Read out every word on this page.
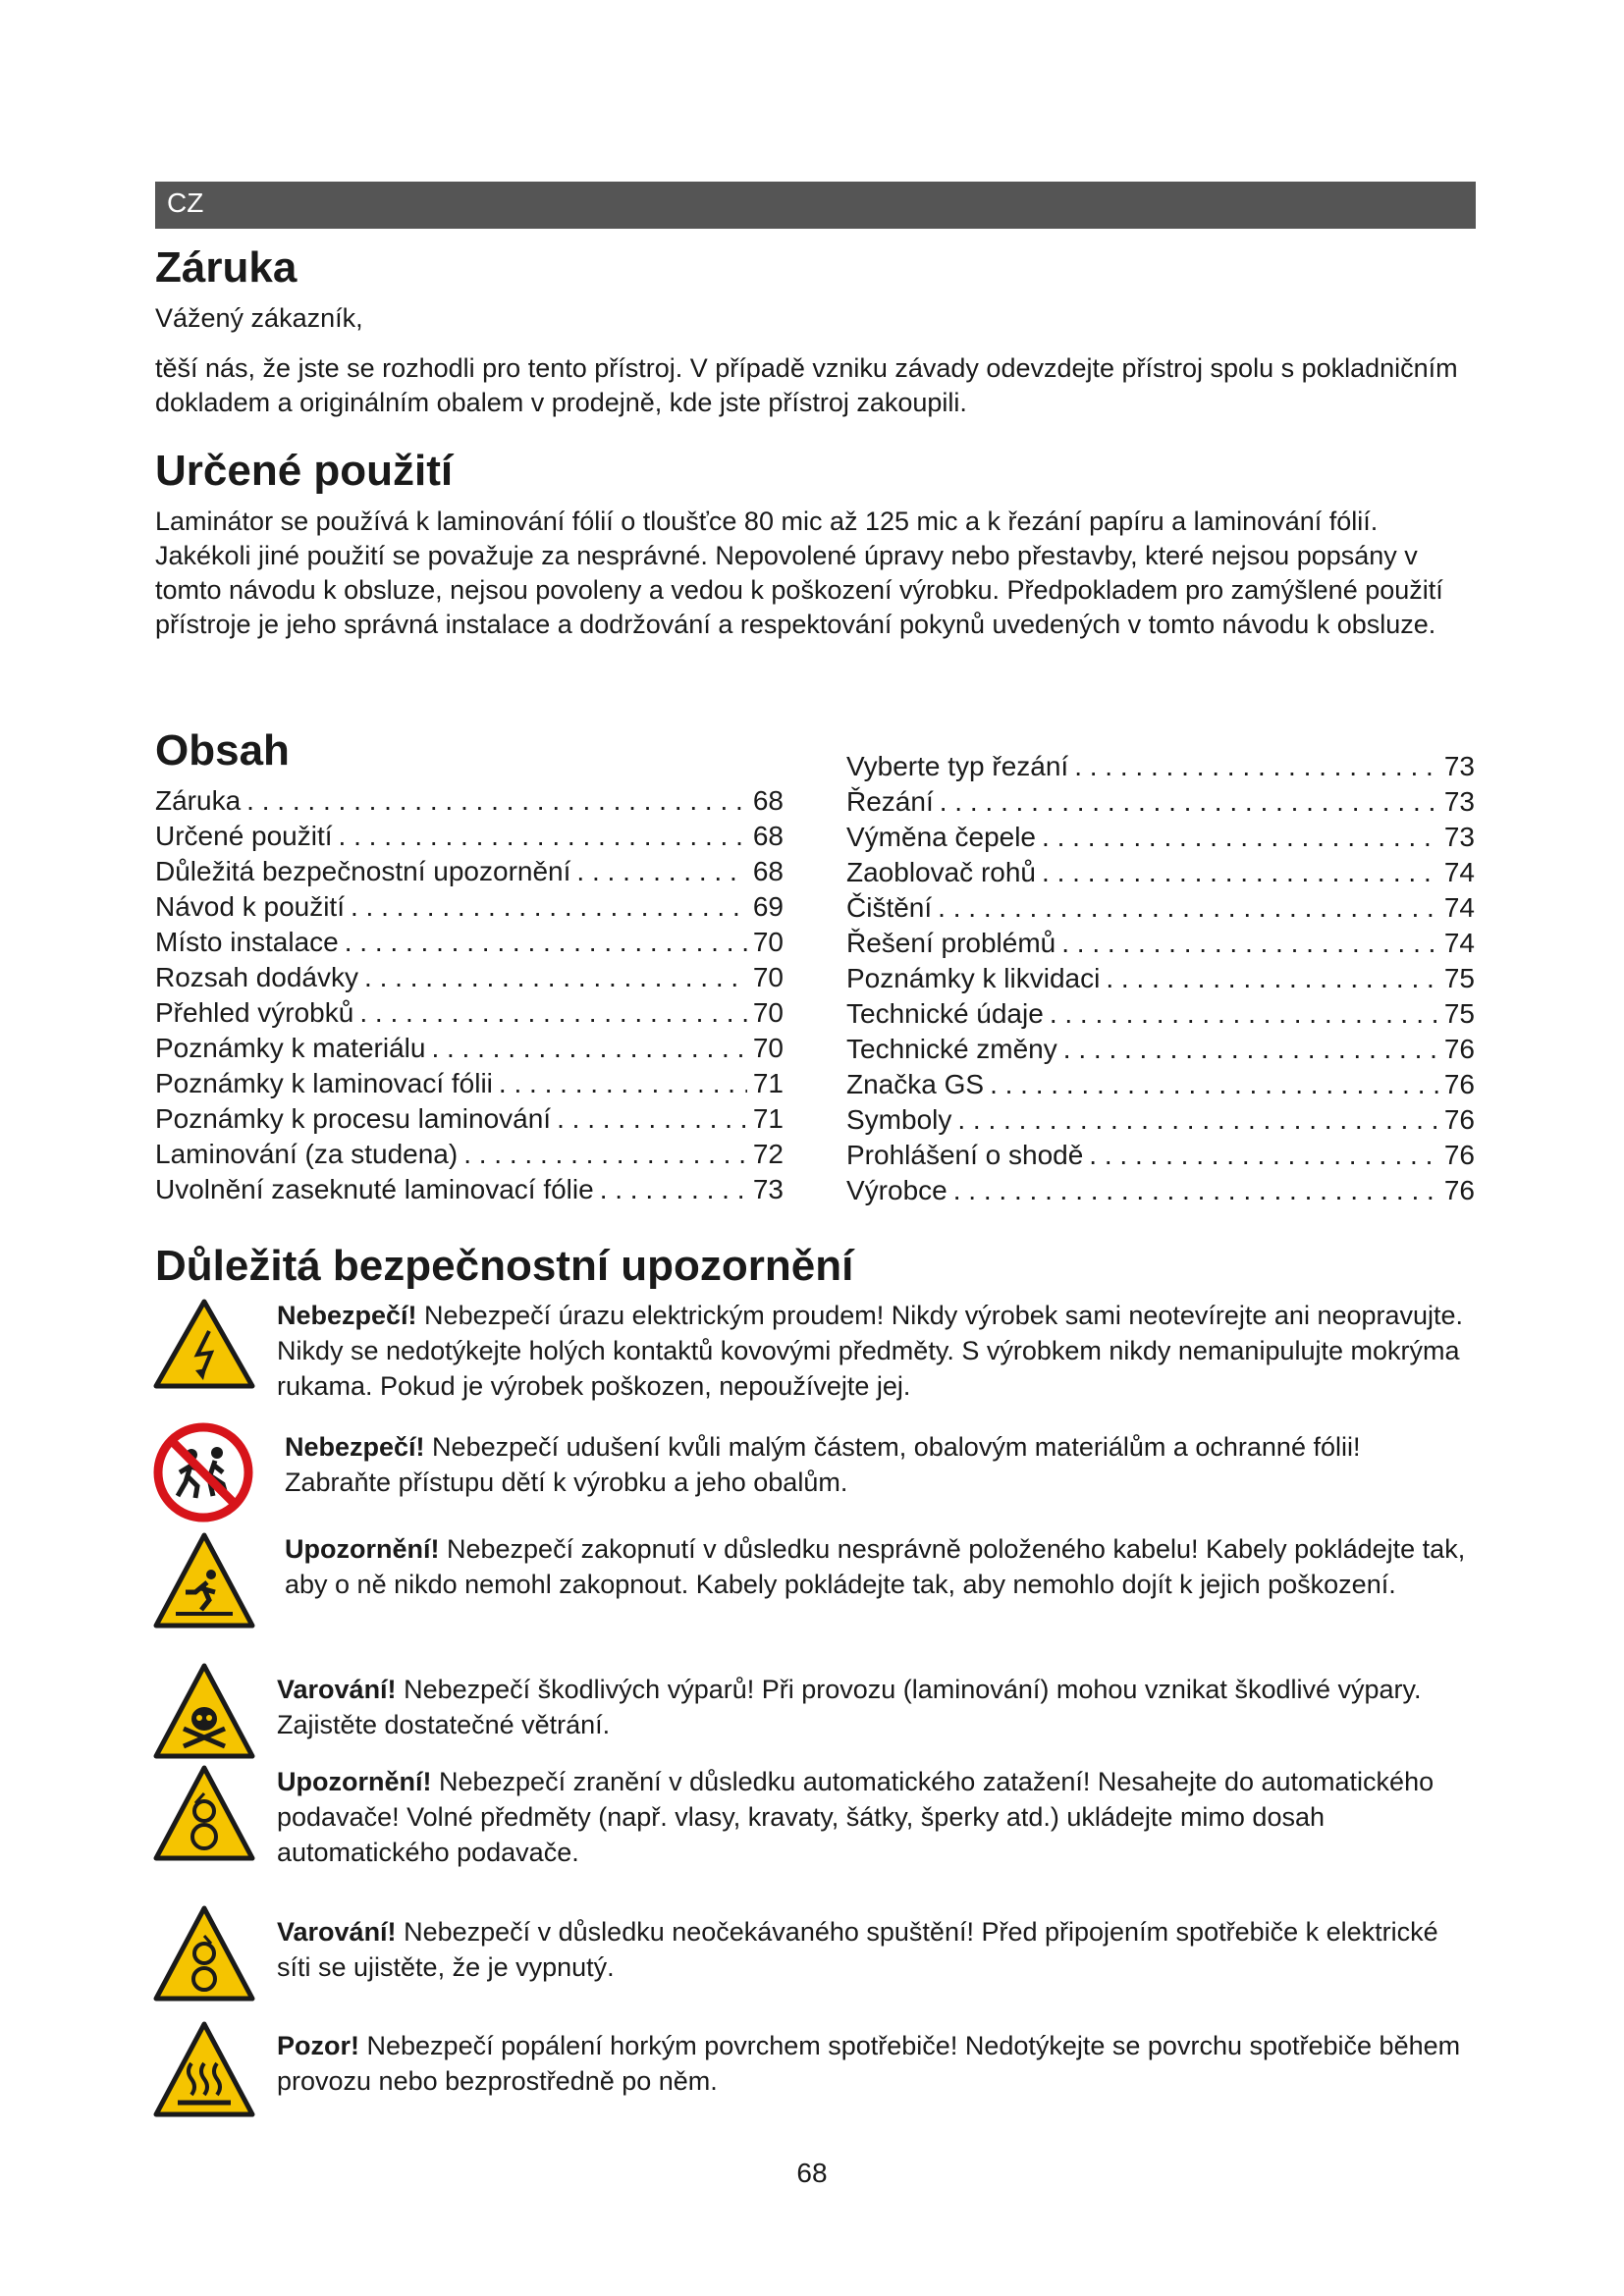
CZ
Záruka

Vážený zákazník,

těší nás, že jste se rozhodli pro tento přístroj. V případě vzniku závady odevzdejte přístroj spolu s pokladničním dokladem a originálním obalem v prodejně, kde jste přístroj zakoupili.

Určené použití

Laminátor se používá k laminování fólií o tloušťce 80 mic až 125 mic a k řezání papíru a laminování fólií. Jakékoli jiné použití se považuje za nesprávné. Nepovolené úpravy nebo přestavby, které nejsou popsány v tomto návodu k obsluze, nejsou povoleny a vedou k poškození výrobku. Předpokladem pro zamýšlené použití přístroje je jeho správná instalace a dodržování a respektování pokynů uvedených v tomto návodu k obsluze.

Obsah
Záruka . . .	68
Určené použití . . .	68
Důležitá bezpečnostní upozornění . . .	68
Návod k použití . . .	69
Místo instalace . . .	70
Rozsah dodávky . . .	70
Přehled výrobků . . .	70
Poznámky k materiálu . . .	70
Poznámky k laminovací fólii . . .	71
Poznámky k procesu laminování . . .	71
Laminování (za studena) . . .	72
Uvolnění zaseknuté laminovací fólie . . .	73
Vyberte typ řezání . . .	73
Řezání . . .	73
Výměna čepele . . .	73
Zaoblovač rohů . . .	74
Čištění . . .	74
Řešení problémů . . .	74
Poznámky k likvidaci . . .	75
Technické údaje . . .	75
Technické změny . . .	76
Značka GS . . .	76
Symboly . . .	76
Prohlášení o shodě . . .	76
Výrobce . . .	76
Důležitá bezpečnostní upozornění

Nebezpečí! Nebezpečí úrazu elektrickým proudem! Nikdy výrobek sami neotevírejte ani neopravujte. Nikdy se nedotýkejte holých kontaktů kovovými předměty. S výrobkem nikdy nemanipulujte mokrýma rukama. Pokud je výrobek poškozen, nepoužívejte jej.

Nebezpečí! Nebezpečí udušení kvůli malým částem, obalovým materiálům a ochranné fólii! Zabraňte přístupu dětí k výrobku a jeho obalům.

Upozornění! Nebezpečí zakopnutí v důsledku nesprávně položeného kabelu! Kabely pokládejte tak, aby o ně nikdo nemohl zakopnout. Kabely pokládejte tak, aby nemohlo dojít k jejich poškození.

Varování! Nebezpečí škodlivých výparů! Při provozu (laminování) mohou vznikat škodlivé výpary. Zajistěte dostatečné větrání.

Upozornění! Nebezpečí zranění v důsledku automatického zatažení! Nesahejte do automatického podavače! Volné předměty (např. vlasy, kravaty, šátky, šperky atd.) ukládejte mimo dosah automatického podavače.

Varování! Nebezpečí v důsledku neočekávaného spuštění! Před připojením spotřebiče k elektrické síti se ujistěte, že je vypnutý.

Pozor! Nebezpečí popálení horkým povrchem spotřebiče! Nedotýkejte se povrchu spotřebiče během provozu nebo bezprostředně po něm.

68
